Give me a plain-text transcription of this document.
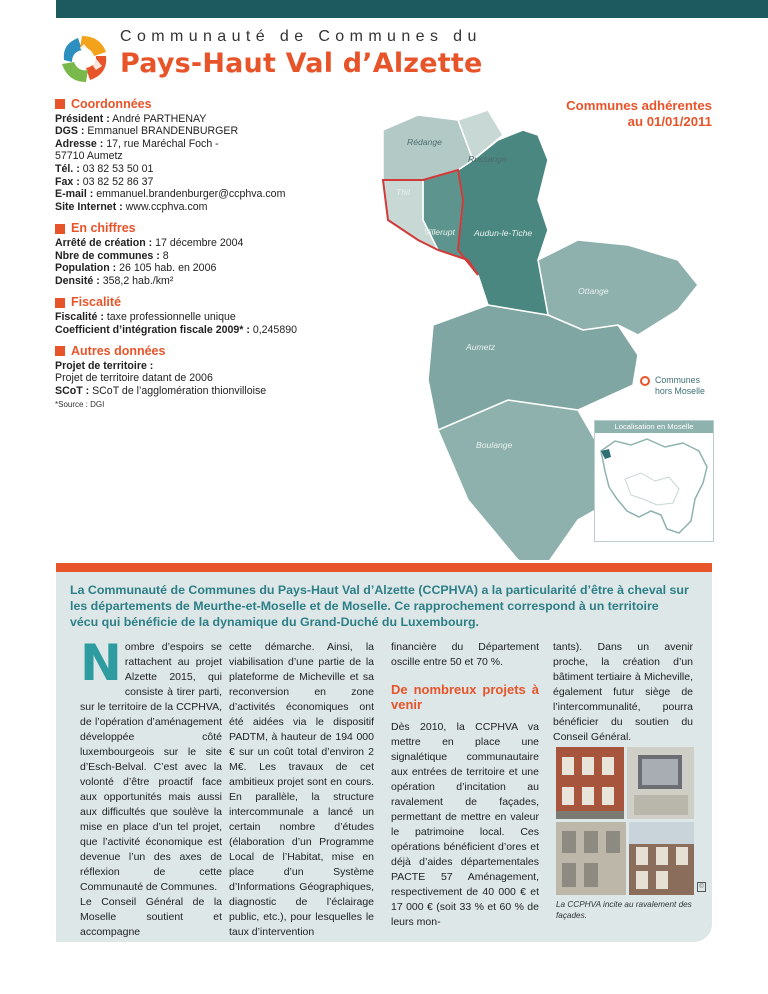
Communauté de Communes du
Pays-Haut Val d’Alzette
Coordonnées
Président : André PARTHENAY
DGS : Emmanuel BRANDENBURGER
Adresse : 17, rue Maréchal Foch -
57710 Aumetz
Tél. : 03 82 53 50 01
Fax : 03 82 52 86 37
E-mail : emmanuel.brandenburger@ccphva.com
Site Internet : www.ccphva.com
En chiffres
Arrêté de création : 17 décembre 2004
Nbre de communes : 8
Population : 26 105 hab. en 2006
Densité : 358,2 hab./km²
Fiscalité
Fiscalité : taxe professionnelle unique
Coefficient d’intégration fiscale 2009* : 0,245890
Autres données
Projet de territoire :
Projet de territoire datant de 2006
SCoT : SCoT de l’agglomération thionvilloise
*Source : DGI
Communes adhérentes
au 01/01/2011
Rédange
Russange
Thil
Villerupt Audun-le-Tiche
Ottange
Aumetz
Boulange
Communes
hors Moselle
Localisation en Moselle
La Communauté de Communes du Pays-Haut Val d’Alzette (CCPHVA) a la particularité d’être à cheval sur les départements de Meurthe-et-Moselle et de Moselle. Ce rapprochement correspond à un territoire vécu qui bénéficie de la dynamique du Grand-Duché du Luxembourg.
Nombre d’espoirs se rattachent au projet Alzette 2015, qui consiste à tirer parti, sur le territoire de la CCPHVA, de l’opération d’aménagement développée côté luxembourgeois sur le site d’Esch-Belval. C’est avec la volonté d’être proactif face aux opportunités mais aussi aux difficultés que soulève la mise en place d’un tel projet, que l’activité économique est devenue l’un des axes de réflexion de cette Communauté de Communes.
Le Conseil Général de la Moselle soutient et accompagne
cette démarche. Ainsi, la viabilisation d’une partie de la plateforme de Micheville et sa reconversion en zone d’activités économiques ont été aidées via le dispositif PADTM, à hauteur de 194 000 € sur un coût total d’environ 2 M€. Les travaux de cet ambitieux projet sont en cours. En parallèle, la structure intercommunale a lancé un certain nombre d’études (élaboration d’un Programme Local de l’Habitat, mise en place d’un Système d’Informations Géographiques, diagnostic de l’éclairage public, etc.), pour lesquelles le taux d’intervention
financière du Département oscille entre 50 et 70 %.
De nombreux projets à venir
Dès 2010, la CCPHVA va mettre en place une signalétique communautaire aux entrées de territoire et une opération d’incitation au ravalement de façades, permettant de mettre en valeur le patrimoine local. Ces opérations bénéficient d’ores et déjà d’aides départementales PACTE 57 Aménagement, respectivement de 40 000 € et 17 000 € (soit 33 % et 60 % de leurs mon-
tants). Dans un avenir proche, la création d’un bâtiment tertiaire à Micheville, également futur siège de l’intercommunalité, pourra bénéficier du soutien du Conseil Général.
©
La CCPHVA incite au ravalement des façades.
